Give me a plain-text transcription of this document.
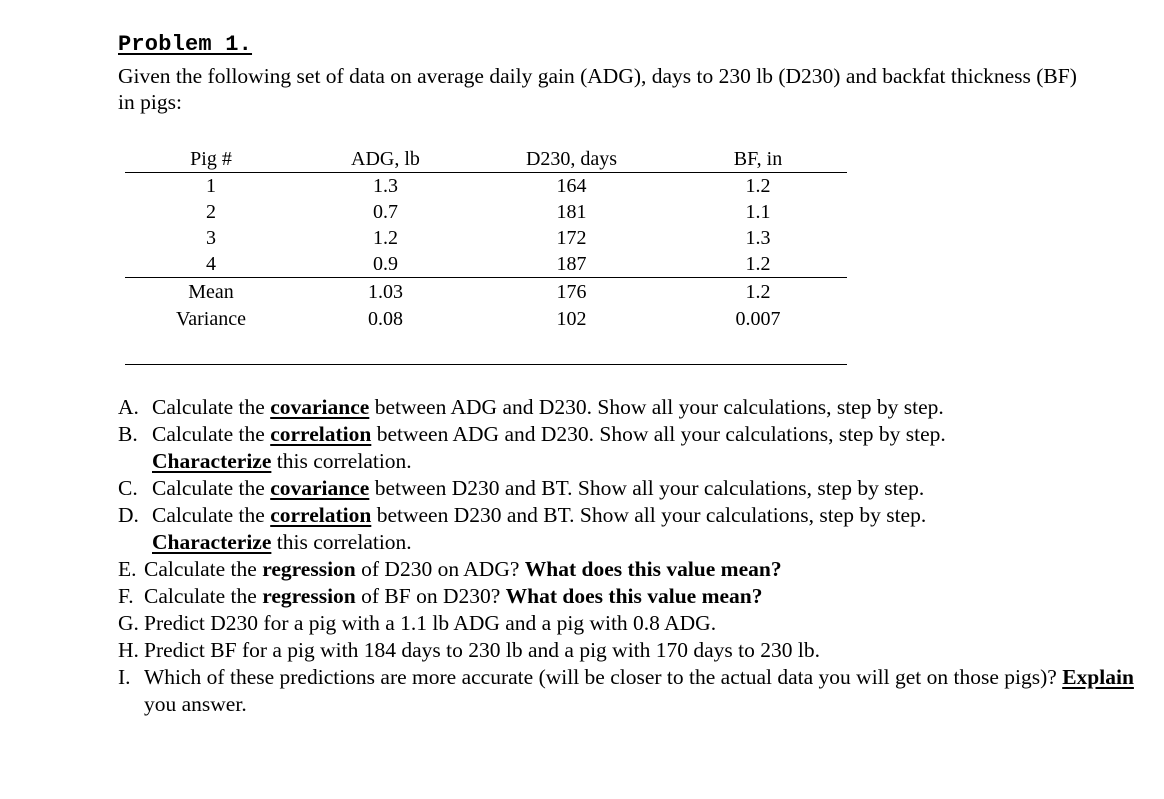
Problem 1.
Given the following set of data on average daily gain (ADG), days to 230 lb (D230) and backfat thickness (BF) in pigs:
Pig #	ADG, lb	D230, days	BF, in
1	1.3	164	1.2
2	0.7	181	1.1
3	1.2	172	1.3
4	0.9	187	1.2
Mean	1.03	176	1.2
Variance	0.08	102	0.007
A. Calculate the covariance between ADG and D230. Show all your calculations, step by step.
B. Calculate the correlation between ADG and D230. Show all your calculations, step by step.
Characterize this correlation.
C. Calculate the covariance between D230 and BT. Show all your calculations, step by step.
D. Calculate the correlation between D230 and BT. Show all your calculations, step by step.
Characterize this correlation.
E. Calculate the regression of D230 on ADG? What does this value mean?
F. Calculate the regression of BF on D230? What does this value mean?
G. Predict D230 for a pig with a 1.1 lb ADG and a pig with 0.8 ADG.
H. Predict BF for a pig with 184 days to 230 lb and a pig with 170 days to 230 lb.
I. Which of these predictions are more accurate (will be closer to the actual data you will get on those pigs)? Explain you answer.
